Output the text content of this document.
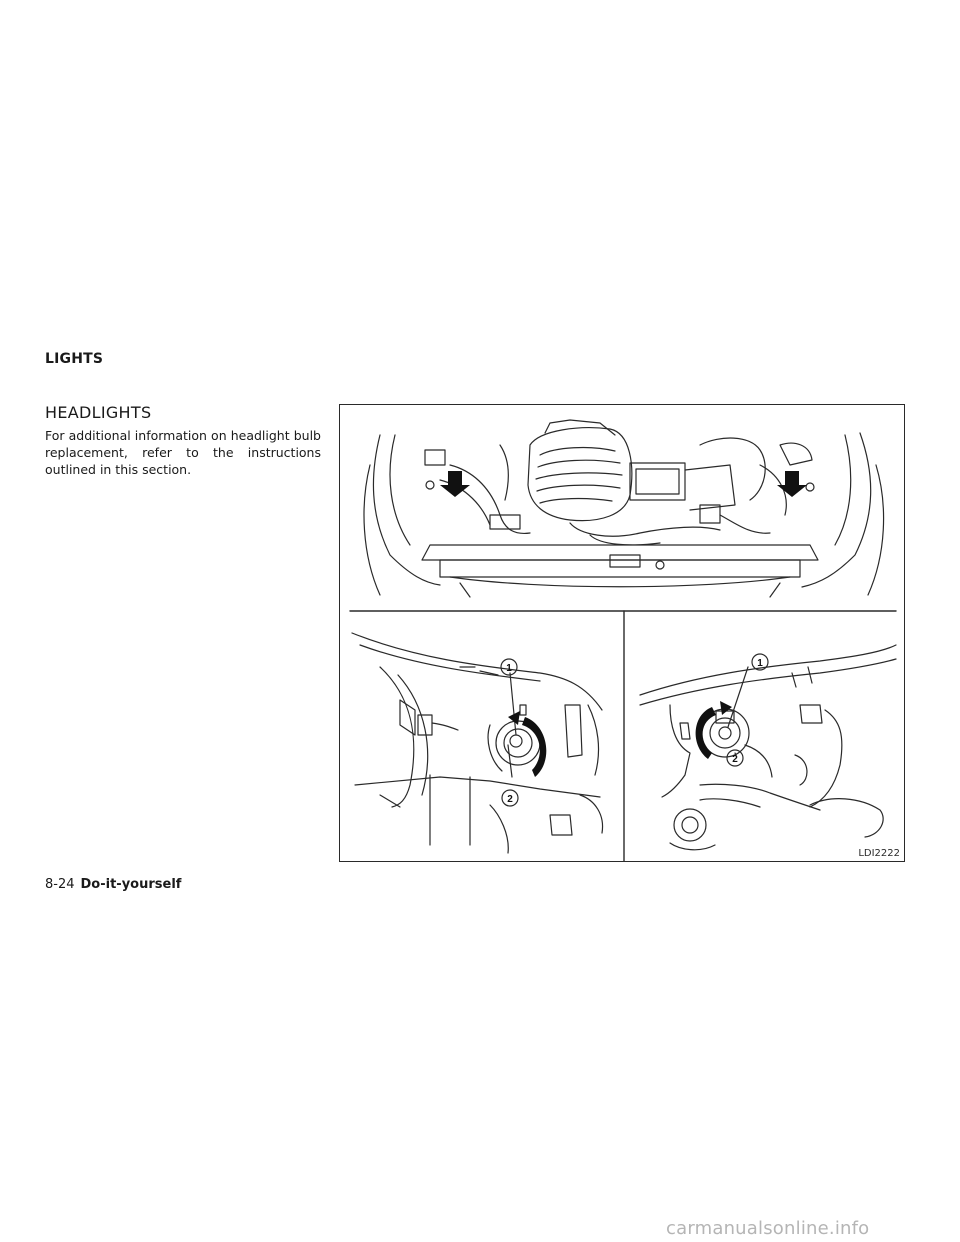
LIGHTS
HEADLIGHTS
For additional information on headlight bulb replacement, refer to the instructions outlined in this section.
1
2
1
2
LDI2222
8-24 Do-it-yourself
carmanualsonline.info
